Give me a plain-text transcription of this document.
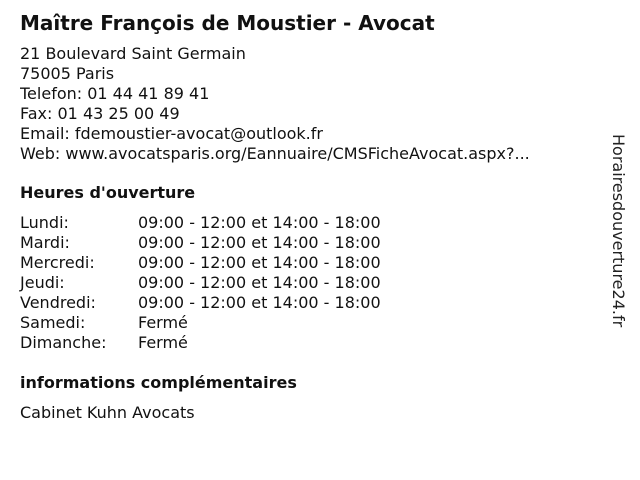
Maître François de Moustier - Avocat
21 Boulevard Saint Germain
75005 Paris
Telefon: 01 44 41 89 41
Fax: 01 43 25 00 49
Email: fdemoustier-avocat@outlook.fr
Web: www.avocatsparis.org/Eannuaire/CMSFicheAvocat.aspx?...
Heures d'ouverture
Lundi:	09:00 - 12:00 et 14:00 - 18:00
Mardi:	09:00 - 12:00 et 14:00 - 18:00
Mercredi:	09:00 - 12:00 et 14:00 - 18:00
Jeudi:	09:00 - 12:00 et 14:00 - 18:00
Vendredi:	09:00 - 12:00 et 14:00 - 18:00
Samedi:	Fermé
Dimanche:	Fermé
informations complémentaires
Cabinet Kuhn Avocats
Horairesdouverture24.fr
